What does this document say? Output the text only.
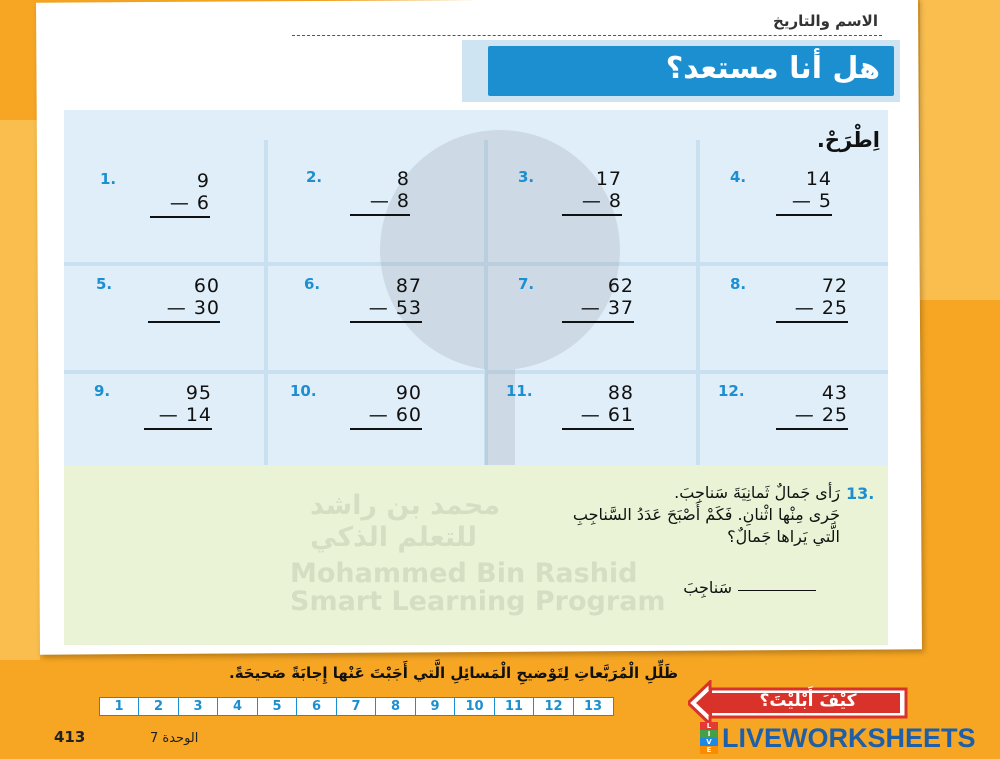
الاسم والتاريخ
هل أنا مستعد؟
اِطْرَحْ.
1.	9
— 6
2.	8
— 8
3.	17
— 8
4.	14
— 5
5.	60
— 30
6.	87
— 53
7.	62
— 37
8.	72
— 25
9.	95
— 14
10.	90
— 60
11.	88
— 61
12.	43
— 25
محمد بن راشد
للتعلم الذكي
Mohammed Bin Rashid
Smart Learning Program
13.
رَأى جَمالٌ ثَمانِيَةَ سَناجِبَ.
جَرى مِنْها اثْنانِ. فَكَمْ أَصْبَحَ عَدَدُ السَّناجِبِ
الَّتي يَراها جَمالٌ؟
سَناجِبَ
ظَلِّلِ الْمُرَبَّعاتِ لِتَوْضيحِ الْمَسائِلِ الَّتي أَجَبْتَ عَنْها إِجابَةً صَحيحَةً.
1	2	3	4	5	6	7	8	9	10	11	12	13	كَيْفَ أَبْلَيْتَ؟
413	الوحدة 7
L
I
V
E LIVEWORKSHEETS
